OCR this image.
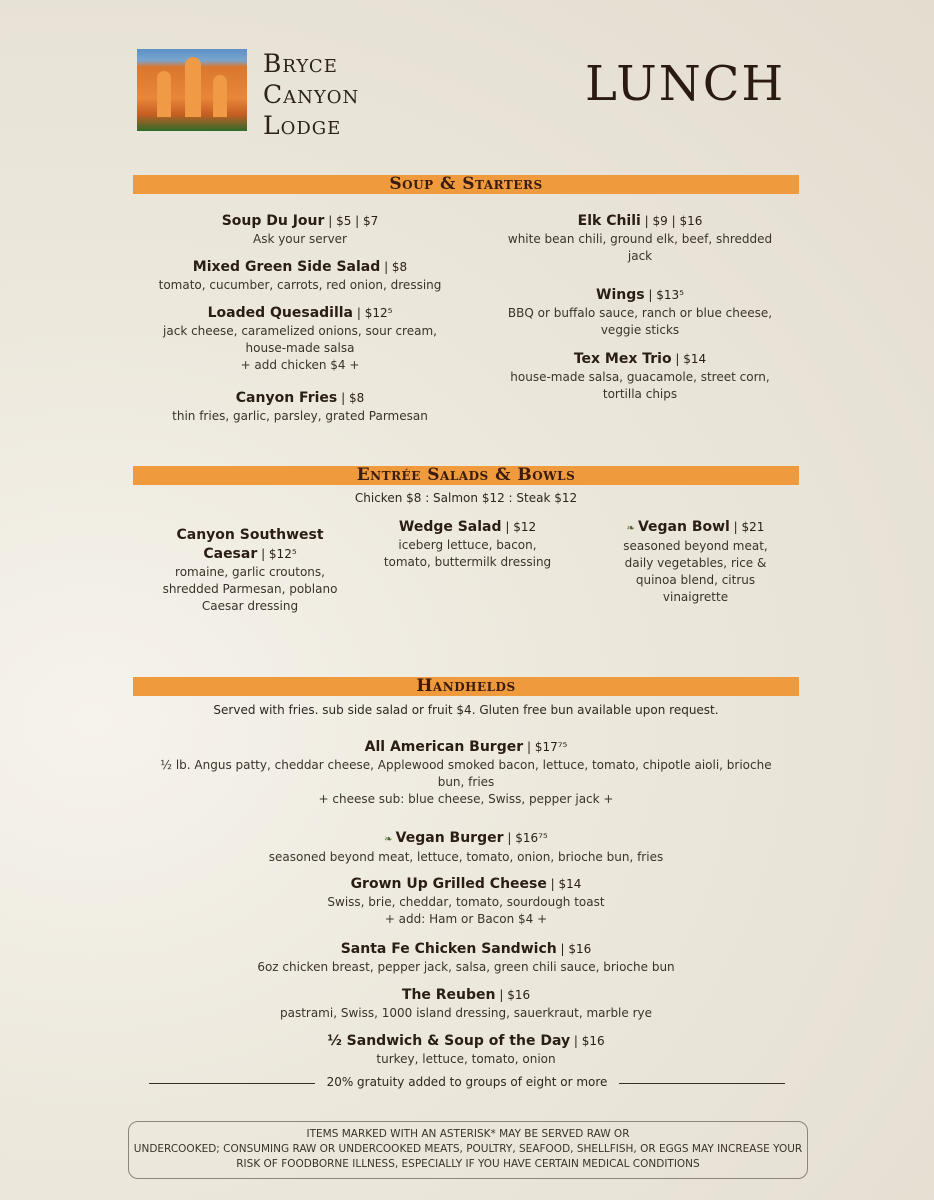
Bryce
Canyon
Lodge
LUNCH
Soup & Starters
Soup Du Jour | $5 | $7
Ask your server
Mixed Green Side Salad | $8
tomato, cucumber, carrots, red onion, dressing
Loaded Quesadilla | $12⁵
jack cheese, caramelized onions, sour cream, house-made salsa
+ add chicken $4 +
Canyon Fries | $8
thin fries, garlic, parsley, grated Parmesan
Elk Chili | $9 | $16
white bean chili, ground elk, beef, shredded jack
Wings | $13⁵
BBQ or buffalo sauce, ranch or blue cheese, veggie sticks
Tex Mex Trio | $14
house-made salsa, guacamole, street corn, tortilla chips
Entrée Salads & Bowls
Chicken $8 : Salmon $12 : Steak $12
Canyon Southwest Caesar | $12⁵
romaine, garlic croutons, shredded Parmesan, poblano Caesar dressing
Wedge Salad | $12
iceberg lettuce, bacon, tomato, buttermilk dressing
❧ Vegan Bowl | $21
seasoned beyond meat, daily vegetables, rice & quinoa blend, citrus vinaigrette
Handhelds
Served with fries. sub side salad or fruit $4. Gluten free bun available upon request.
All American Burger | $17⁷⁵
½ lb. Angus patty, cheddar cheese, Applewood smoked bacon, lettuce, tomato, chipotle aioli, brioche bun, fries
+ cheese sub: blue cheese, Swiss, pepper jack +
❧ Vegan Burger | $16⁷⁵
seasoned beyond meat, lettuce, tomato, onion, brioche bun, fries
Grown Up Grilled Cheese | $14
Swiss, brie, cheddar, tomato, sourdough toast
+ add: Ham or Bacon $4 +
Santa Fe Chicken Sandwich | $16
6oz chicken breast, pepper jack, salsa, green chili sauce, brioche bun
The Reuben | $16
pastrami, Swiss, 1000 island dressing, sauerkraut, marble rye
½ Sandwich & Soup of the Day | $16
turkey, lettuce, tomato, onion
20% gratuity added to groups of eight or more
ITEMS MARKED WITH AN ASTERISK* MAY BE SERVED RAW OR
UNDERCOOKED; CONSUMING RAW OR UNDERCOOKED MEATS, POULTRY, SEAFOOD, SHELLFISH, OR EGGS MAY INCREASE YOUR
RISK OF FOODBORNE ILLNESS, ESPECIALLY IF YOU HAVE CERTAIN MEDICAL CONDITIONS
